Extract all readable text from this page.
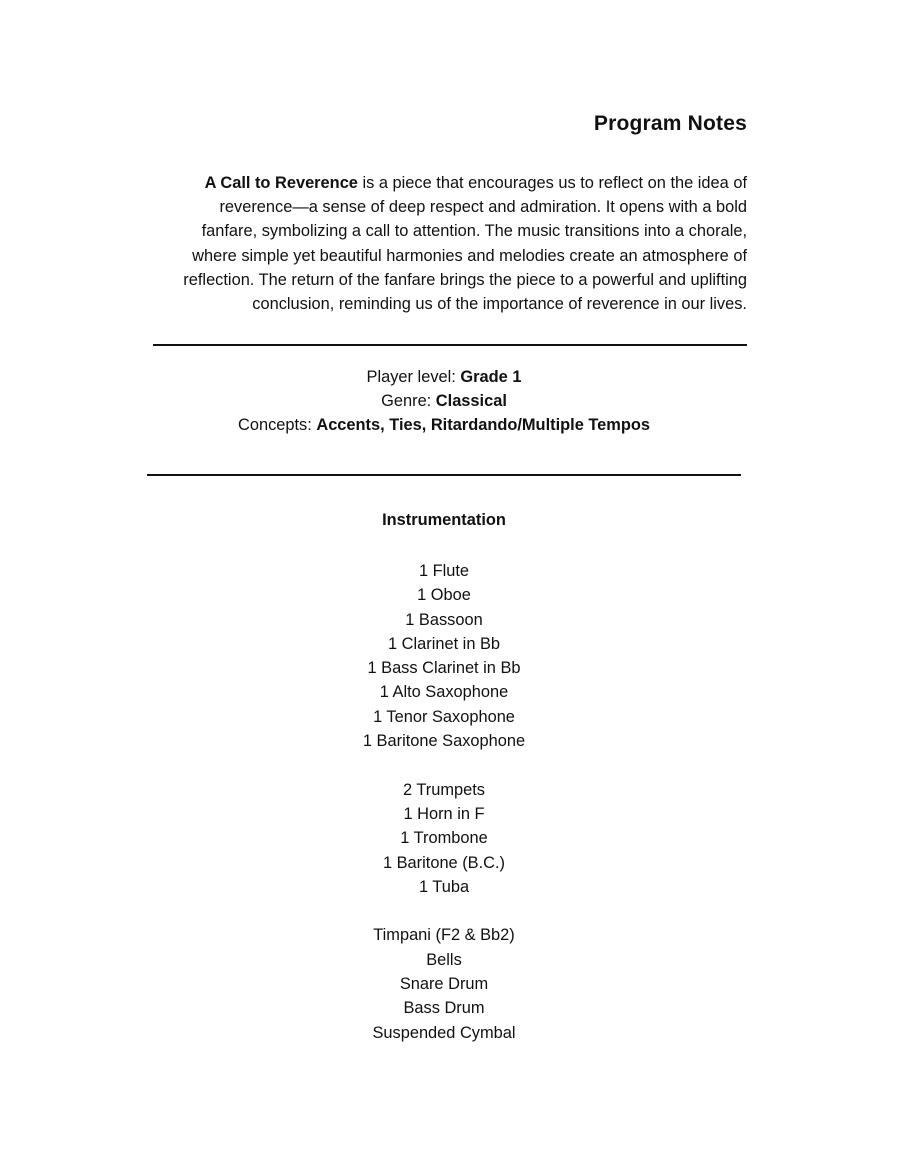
Program Notes
A Call to Reverence is a piece that encourages us to reflect on the idea of
reverence—a sense of deep respect and admiration. It opens with a bold
fanfare, symbolizing a call to attention. The music transitions into a chorale,
where simple yet beautiful harmonies and melodies create an atmosphere of
reflection. The return of the fanfare brings the piece to a powerful and uplifting
conclusion, reminding us of the importance of reverence in our lives.
Player level: Grade 1
Genre: Classical
Concepts: Accents, Ties, Ritardando/Multiple Tempos
Instrumentation
1 Flute
1 Oboe
1 Bassoon
1 Clarinet in Bb
1 Bass Clarinet in Bb
1 Alto Saxophone
1 Tenor Saxophone
1 Baritone Saxophone
2 Trumpets
1 Horn in F
1 Trombone
1 Baritone (B.C.)
1 Tuba
Timpani (F2 & Bb2)
Bells
Snare Drum
Bass Drum
Suspended Cymbal
